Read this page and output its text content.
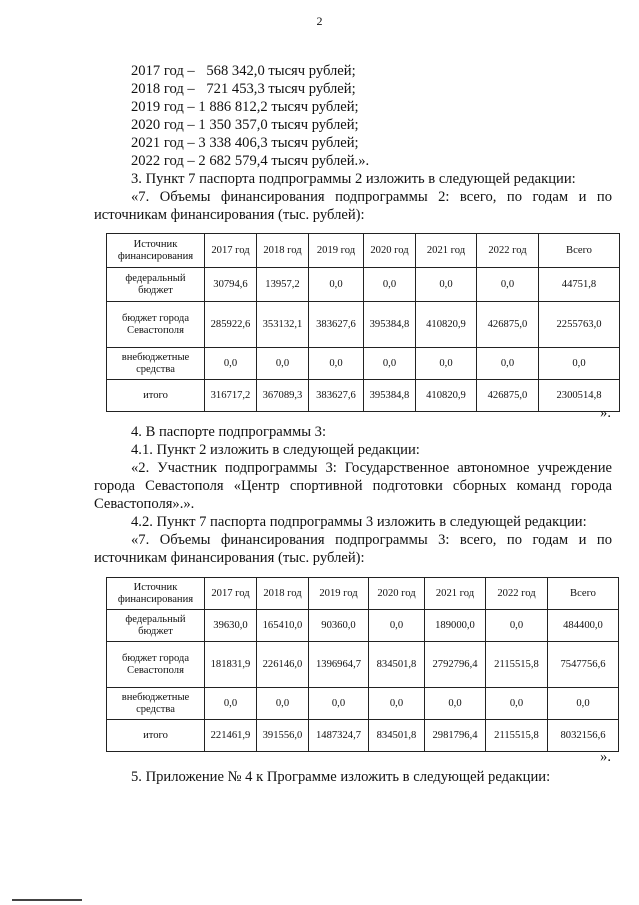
2
2017 год – 568 342,0 тысяч рублей;
2018 год – 721 453,3 тысяч рублей;
2019 год – 1 886 812,2 тысяч рублей;
2020 год – 1 350 357,0 тысяч рублей;
2021 год – 3 338 406,3 тысяч рублей;
2022 год – 2 682 579,4 тысяч рублей.».
3. Пункт 7 паспорта подпрограммы 2 изложить в следующей редакции:
«7. Объемы финансирования подпрограммы 2: всего, по годам и по
источникам финансирования (тыс. рублей):
Источник финансирования	2017 год	2018 год	2019 год	2020 год	2021 год	2022 год	Всего
федеральный бюджет	30794,6	13957,2	0,0	0,0	0,0	0,0	44751,8
бюджет города Севастополя	285922,6	353132,1	383627,6	395384,8	410820,9	426875,0	2255763,0
внебюджетные средства	0,0	0,0	0,0	0,0	0,0	0,0	0,0
итого	316717,2	367089,3	383627,6	395384,8	410820,9	426875,0	2300514,8
».
4. В паспорте подпрограммы 3:
4.1. Пункт 2 изложить в следующей редакции:
«2. Участник подпрограммы 3: Государственное автономное учреждение
города Севастополя «Центр спортивной подготовки сборных команд города
Севастополя».».
4.2. Пункт 7 паспорта подпрограммы 3 изложить в следующей редакции:
«7. Объемы финансирования подпрограммы 3: всего, по годам и по
источникам финансирования (тыс. рублей):
Источник финансирования	2017 год	2018 год	2019 год	2020 год	2021 год	2022 год	Всего
федеральный бюджет	39630,0	165410,0	90360,0	0,0	189000,0	0,0	484400,0
бюджет города Севастополя	181831,9	226146,0	1396964,7	834501,8	2792796,4	2115515,8	7547756,6
внебюджетные средства	0,0	0,0	0,0	0,0	0,0	0,0	0,0
итого	221461,9	391556,0	1487324,7	834501,8	2981796,4	2115515,8	8032156,6
».
5. Приложение № 4 к Программе изложить в следующей редакции:
